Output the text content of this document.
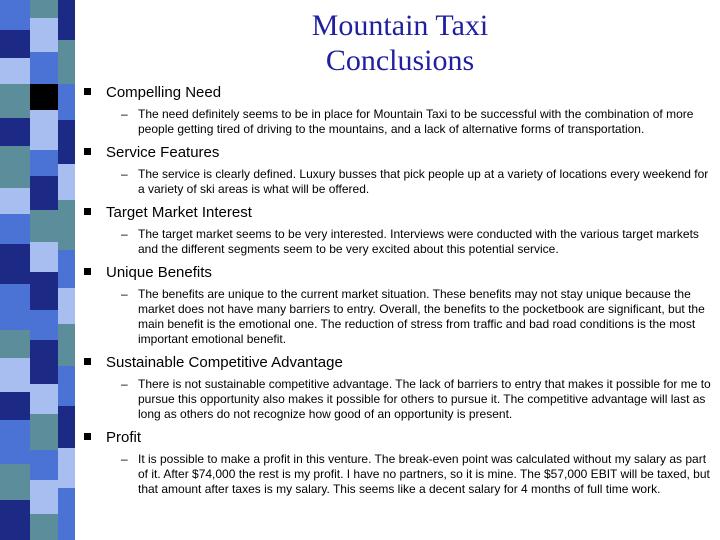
Mountain Taxi
Conclusions
Compelling Need
– The need definitely seems to be in place for Mountain Taxi to be successful with the combination of more people getting tired of driving to the mountains, and a lack of alternative forms of transportation.
Service Features
– The service is clearly defined. Luxury busses that pick people up at a variety of locations every weekend for a variety of ski areas is what will be offered.
Target Market Interest
– The target market seems to be very interested. Interviews were conducted with the various target markets and the different segments seem to be very excited about this potential service.
Unique Benefits
– The benefits are unique to the current market situation. These benefits may not stay unique because the market does not have many barriers to entry. Overall, the benefits to the pocketbook are significant, but the main benefit is the emotional one. The reduction of stress from traffic and bad road conditions is the most important emotional benefit.
Sustainable Competitive Advantage
– There is not sustainable competitive advantage. The lack of barriers to entry that makes it possible for me to pursue this opportunity also makes it possible for others to pursue it. The competitive advantage will last as long as others do not recognize how good of an opportunity is present.
Profit
– It is possible to make a profit in this venture. The break-even point was calculated without my salary as part of it. After $74,000 the rest is my profit. I have no partners, so it is mine. The $57,000 EBIT will be taxed, but that amount after taxes is my salary. This seems like a decent salary for 4 months of full time work.
